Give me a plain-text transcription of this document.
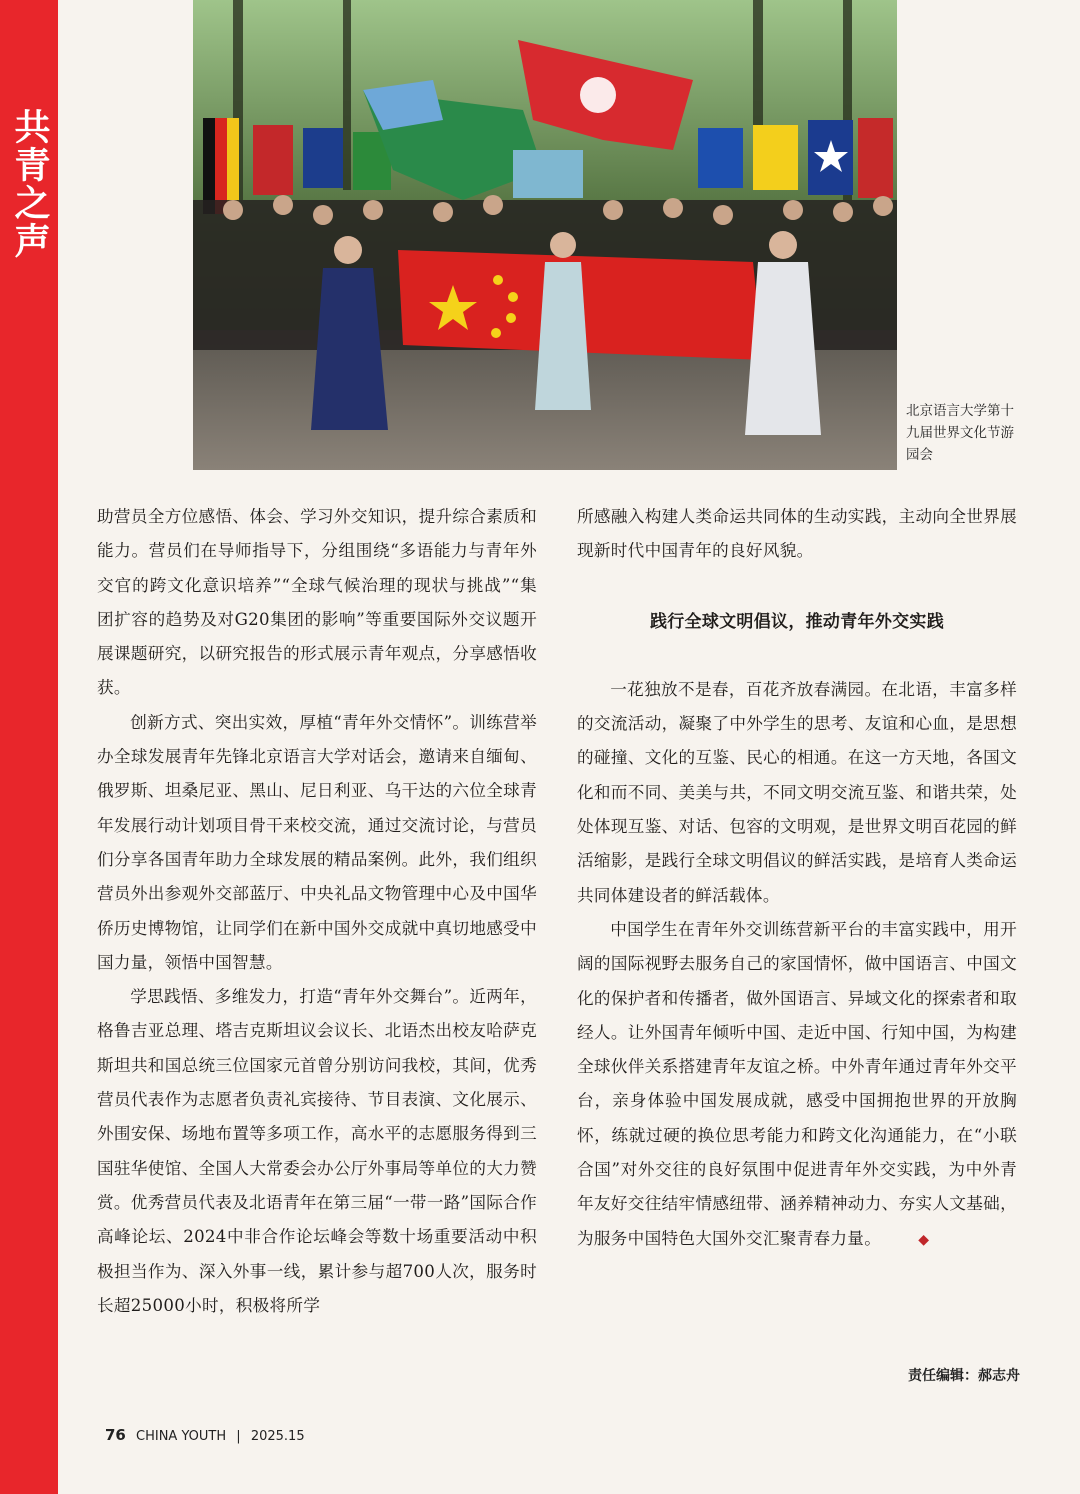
共青之声
北京语言大学第十九届世界文化节游园会

助营员全方位感悟、体会、学习外交知识，提升综合素质和能力。营员们在导师指导下，分组围绕“多语能力与青年外交官的跨文化意识培养”“全球气候治理的现状与挑战”“集团扩容的趋势及对G20集团的影响”等重要国际外交议题开展课题研究，以研究报告的形式展示青年观点，分享感悟收获。

创新方式、突出实效，厚植“青年外交情怀”。训练营举办全球发展青年先锋北京语言大学对话会，邀请来自缅甸、俄罗斯、坦桑尼亚、黑山、尼日利亚、乌干达的六位全球青年发展行动计划项目骨干来校交流，通过交流讨论，与营员们分享各国青年助力全球发展的精品案例。此外，我们组织营员外出参观外交部蓝厅、中央礼品文物管理中心及中国华侨历史博物馆，让同学们在新中国外交成就中真切地感受中国力量，领悟中国智慧。

学思践悟、多维发力，打造“青年外交舞台”。近两年，格鲁吉亚总理、塔吉克斯坦议会议长、北语杰出校友哈萨克斯坦共和国总统三位国家元首曾分别访问我校，其间，优秀营员代表作为志愿者负责礼宾接待、节目表演、文化展示、外围安保、场地布置等多项工作，高水平的志愿服务得到三国驻华使馆、全国人大常委会办公厅外事局等单位的大力赞赏。优秀营员代表及北语青年在第三届“一带一路”国际合作高峰论坛、2024中非合作论坛峰会等数十场重要活动中积极担当作为、深入外事一线，累计参与超700人次，服务时长超25000小时，积极将所学

所感融入构建人类命运共同体的生动实践，主动向全世界展现新时代中国青年的良好风貌。

践行全球文明倡议，推动青年外交实践

一花独放不是春，百花齐放春满园。在北语，丰富多样的交流活动，凝聚了中外学生的思考、友谊和心血，是思想的碰撞、文化的互鉴、民心的相通。在这一方天地，各国文化和而不同、美美与共，不同文明交流互鉴、和谐共荣，处处体现互鉴、对话、包容的文明观，是世界文明百花园的鲜活缩影，是践行全球文明倡议的鲜活实践，是培育人类命运共同体建设者的鲜活载体。

中国学生在青年外交训练营新平台的丰富实践中，用开阔的国际视野去服务自己的家国情怀，做中国语言、中国文化的保护者和传播者，做外国语言、异域文化的探索者和取经人。让外国青年倾听中国、走近中国、行知中国，为构建全球伙伴关系搭建青年友谊之桥。中外青年通过青年外交平台，亲身体验中国发展成就，感受中国拥抱世界的开放胸怀，练就过硬的换位思考能力和跨文化沟通能力，在“小联合国”对外交往的良好氛围中促进青年外交实践，为中外青年友好交往结牢情感纽带、涵养精神动力、夯实人文基础，为服务中国特色大国外交汇聚青春力量。	◆

责任编辑：郝志舟
76 CHINA YOUTH | 2025.15
